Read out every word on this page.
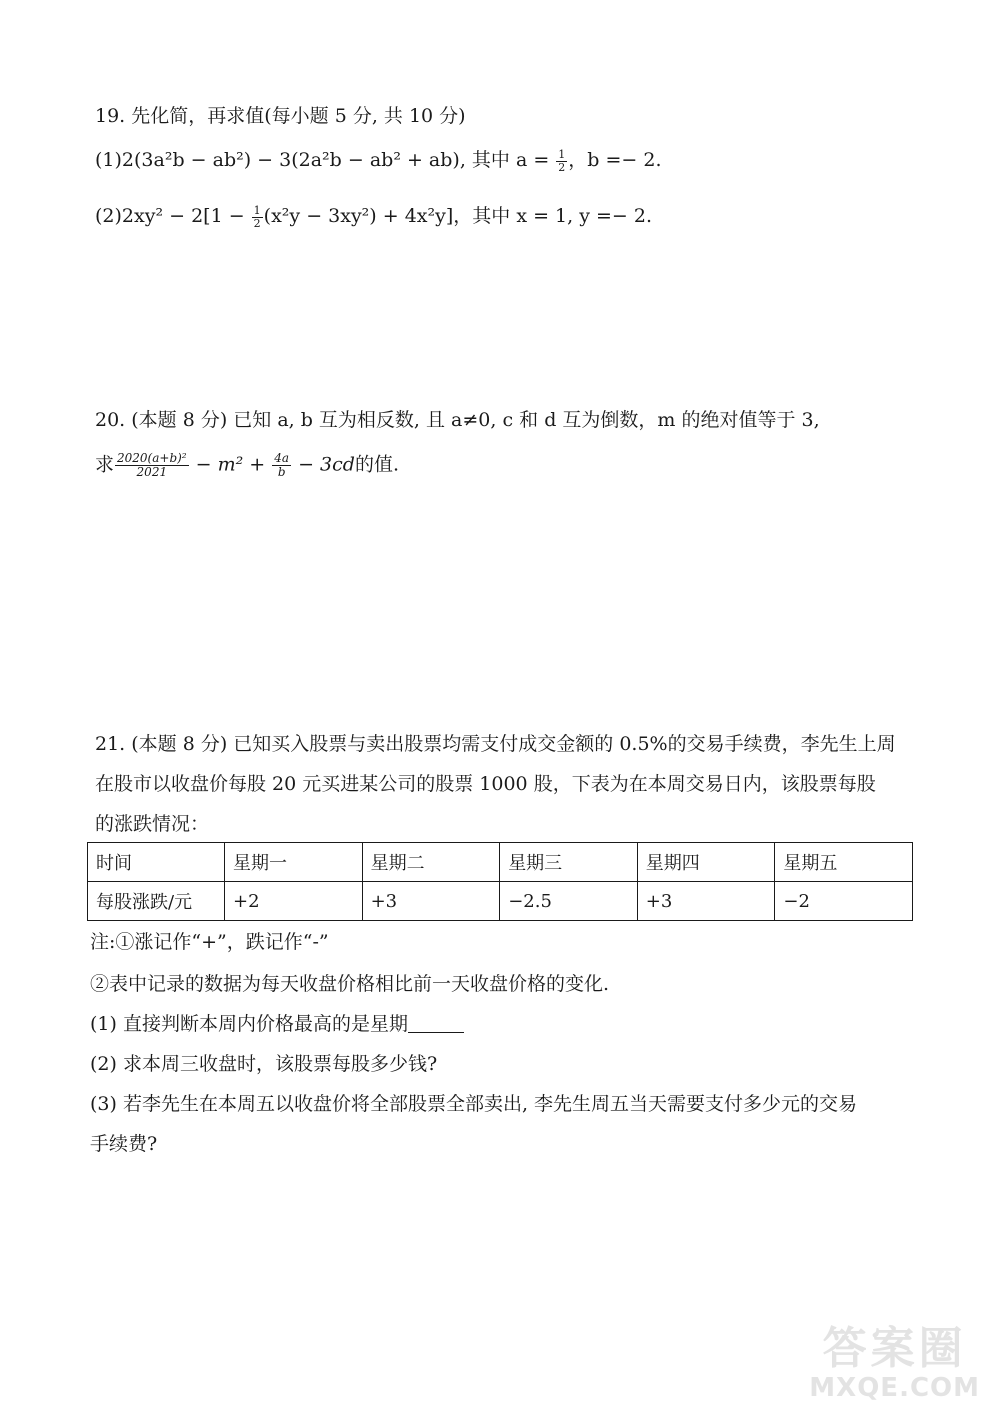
19. 先化简，再求值(每小题 5 分, 共 10 分)
(1)2(3a²b − ab²) − 3(2a²b − ab² + ab), 其中 $a = \frac{1}{2}$ ，b =− 2.
$(2)2xy^2 - 2[1 - \frac{1}{2} (x^2y - 3xy^2) + 4x^2y]$，其中 x = 1, y =− 2.
20. (本题 8 分) 已知 a, b 互为相反数, 且 a≠0, c 和 d 互为倒数，m 的绝对值等于 3,
求 $\frac{\text{2020(a+b)²}}{2021} - m^2 + \frac{4a}{b} - 3cd$的值.
21. (本题 8 分) 已知买入股票与卖出股票均需支付成交金额的 0.5%的交易手续费，李先生上周
在股市以收盘价每股 20 元买进某公司的股票 1000 股，下表为在本周交易日内，该股票每股
的涨跌情况：
时间	星期一	星期二	星期三	星期四	星期五
每股涨跌/元	+2	+3	−2.5	+3	−2
注:①涨记作“+”，跌记作“-”
②表中记录的数据为每天收盘价格相比前一天收盘价格的变化.
(1) 直接判断本周内价格最高的是星期
(2) 求本周三收盘时，该股票每股多少钱?
(3) 若李先生在本周五以收盘价将全部股票全部卖出, 李先生周五当天需要支付多少元的交易
手续费?
答案圈
MXQE.COM
